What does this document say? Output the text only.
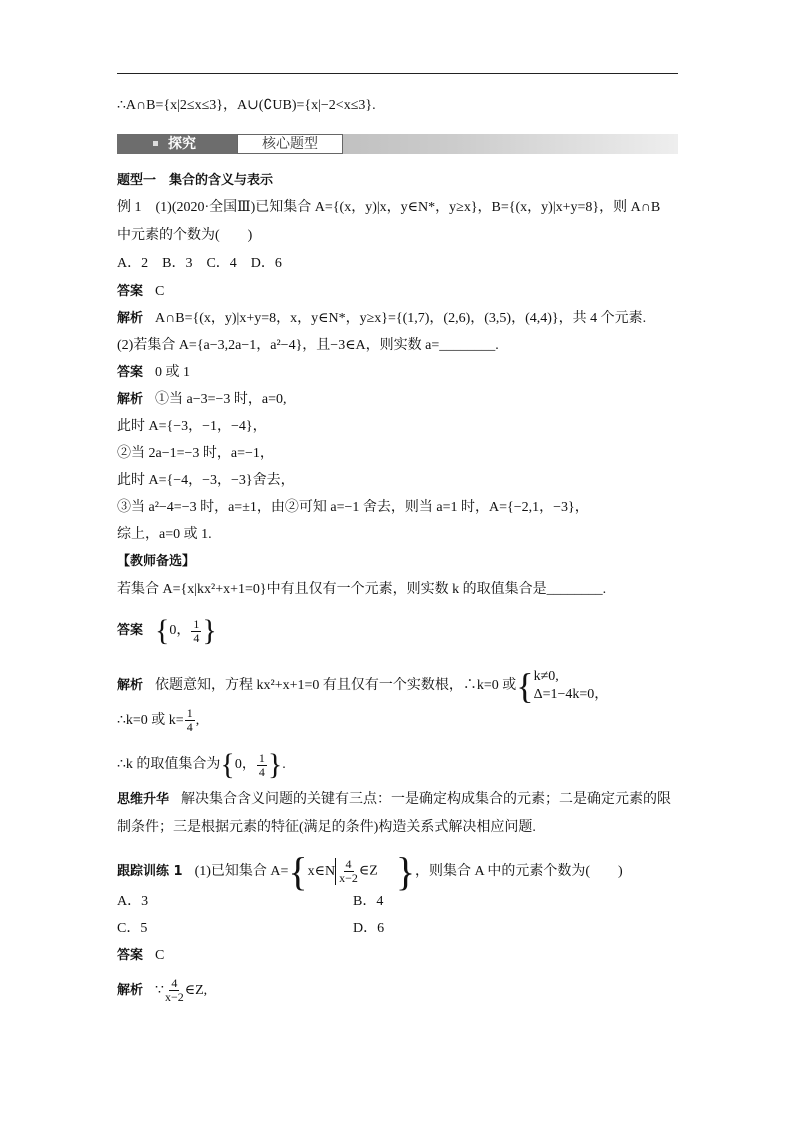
∴A∩B={x|2≤x≤3}，A∪(∁UB)={x|−2<x≤3}.
探究	核心题型
题型一　集合的含义与表示
例 1　(1)(2020·全国Ⅲ)已知集合 A={(x，y)|x，y∈N*，y≥x}，B={(x，y)|x+y=8}，则 A∩B
中元素的个数为(　　)
A．2　B．3　C．4　D．6
答案 C
解析 A∩B={(x，y)|x+y=8，x，y∈N*，y≥x}={(1,7)，(2,6)，(3,5)，(4,4)}，共 4 个元素.
(2)若集合 A={a−3,2a−1，a²−4}，且−3∈A，则实数 a=________.
答案 0 或 1
解析 ①当 a−3=−3 时，a=0,
此时 A={−3，−1，−4}，
②当 2a−1=−3 时，a=−1，
此时 A={−4，−3，−3}舍去，
③当 a²−4=−3 时，a=±1，由②可知 a=−1 舍去，则当 a=1 时，A={−2,1，−3}，
综上，a=0 或 1.
【教师备选】
若集合 A={x|kx²+x+1=0}中有且仅有一个元素，则实数 k 的取值集合是________.
答案 {0， $\frac{1}{4}$ }
解析 依题意知，方程 kx²+x+1=0 有且仅有一个实数根，∴k=0 或{ k≠0,
Δ=1−4k=0，
∴k=0 或 $k= \frac{1}{4}$ ,
∴k 的取值集合为{0， $\frac{1}{4}$ }.
思维升华 解决集合含义问题的关键有三点：一是确定构成集合的元素；二是确定元素的限
制条件；三是根据元素的特征(满足的条件)构造关系式解决相应问题.
跟踪训练 1 (1)已知集合 A={x∈N $\frac{4}{x-2}$ ∈Z }，则集合 A 中的元素个数为(　　)
A．3	B．4
C．5	D．6
答案 C
解析 ∵ $\frac{4}{x-2}$ ∈Z,
